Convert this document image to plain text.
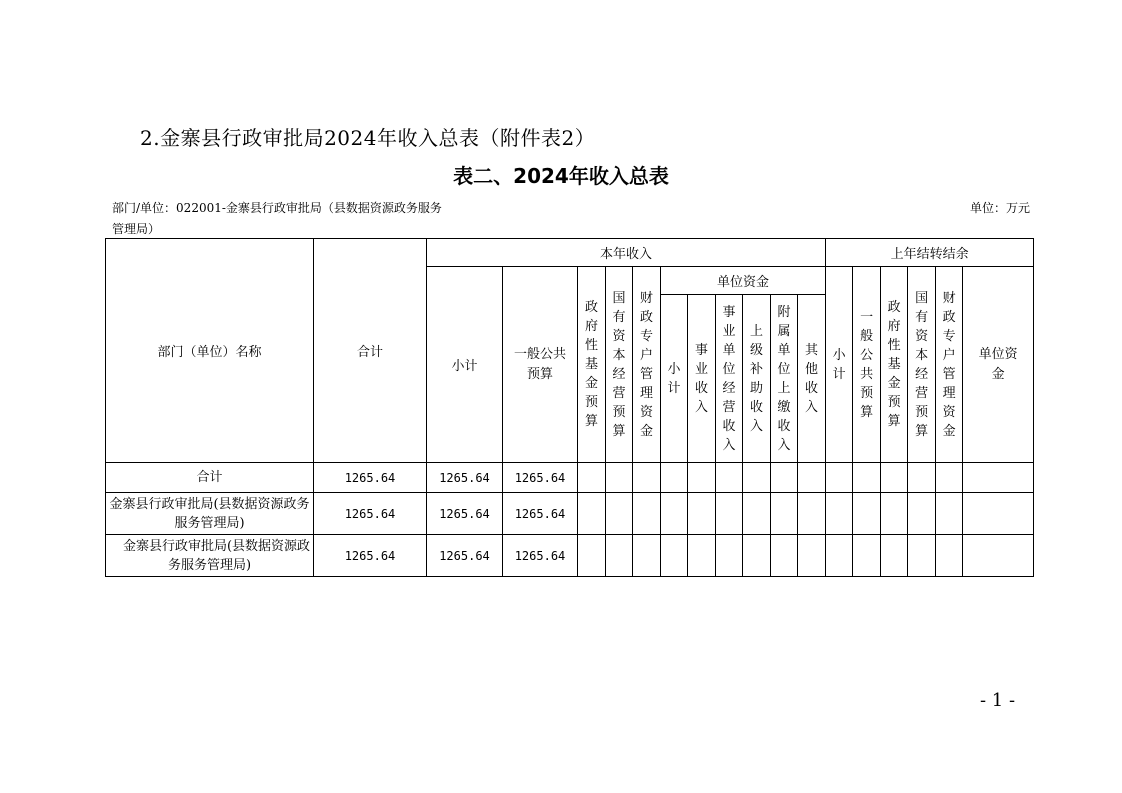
2.金寨县行政审批局2024年收入总表（附件表2）
表二、2024年收入总表
部门/单位：022001-金寨县行政审批局（县数据资源政务服务管理局）
单位：万元
部门（单位）名称	合计	本年收入											上年结转结余					
		小计	一般公共预算	政府性基金预算	国有资本经营预算	财政专户管理资金	单位资金						小计	一般公共预算	政府性基金预算	国有资本经营预算	财政专户管理资金	单位资金
							小计	事业收入	事业单位经营收入	上级补助收入	附属单位上缴收入	其他收入						
合计	1265.64	1265.64	1265.64															
金寨县行政审批局(县数据资源政务服务管理局)	1265.64	1265.64	1265.64															
金寨县行政审批局(县数据资源政务服务管理局)	1265.64	1265.64	1265.64															
- 1 -
